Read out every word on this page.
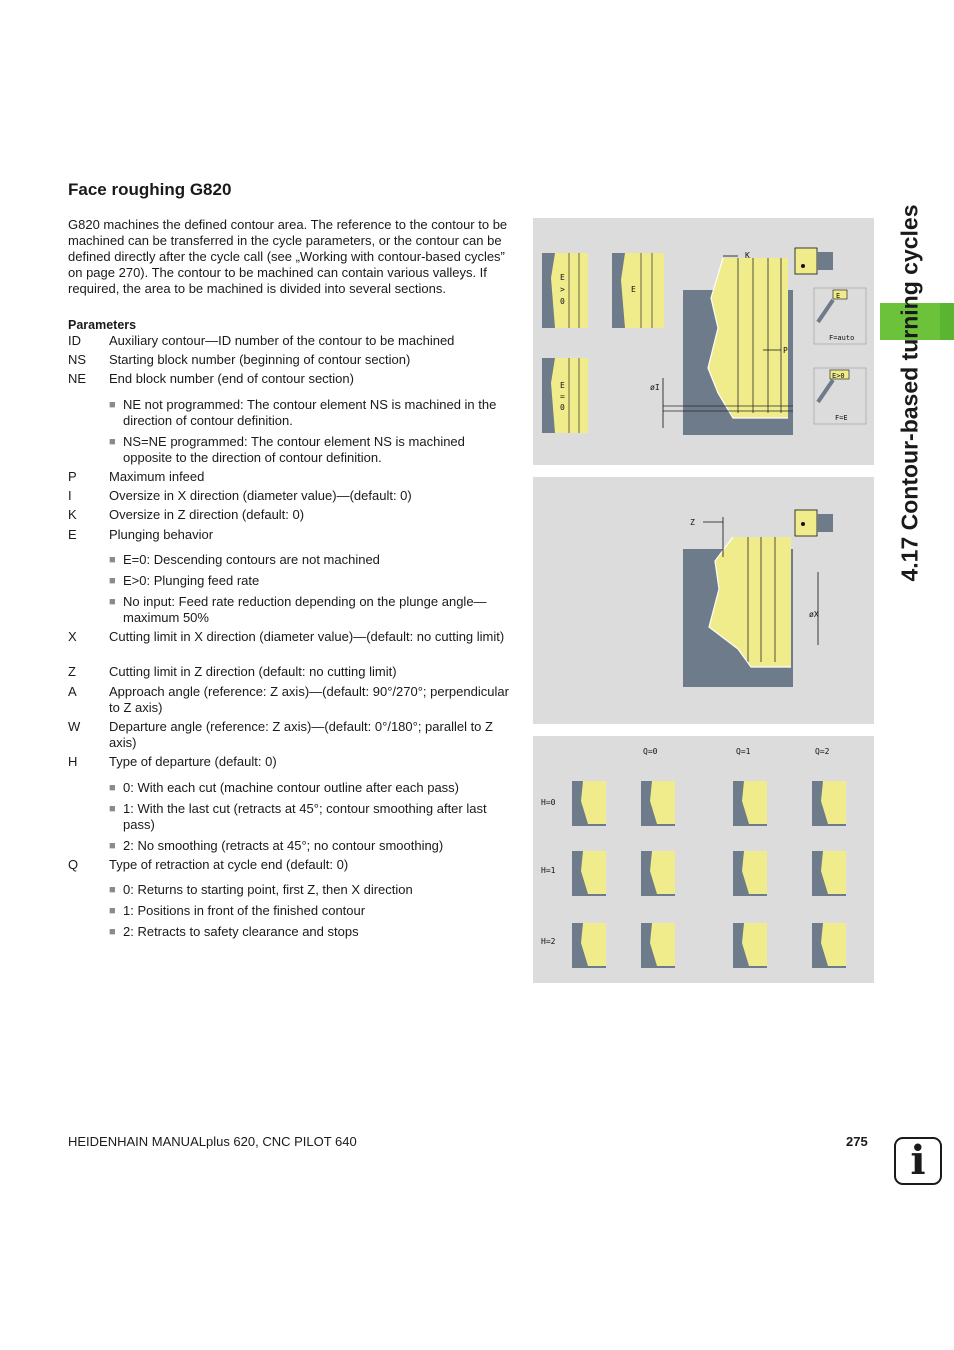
Face roughing G820
G820 machines the defined contour area. The reference to the contour to be machined can be transferred in the cycle parameters, or the contour can be defined directly after the cycle call (see „Working with contour-based cycles” on page 270). The contour to be machined can contain various valleys. If required, the area to be machined is divided into several sections.
Parameters
ID	Auxiliary contour—ID number of the contour to be machined
NS	Starting block number (beginning of contour section)
NE	End block number (end of contour section)
■ NE not programmed: The contour element NS is machined in the direction of contour definition.
■ NS=NE programmed: The contour element NS is machined opposite to the direction of contour definition.
P	Maximum infeed
I	Oversize in X direction (diameter value)—(default: 0)
K	Oversize in Z direction (default: 0)
E	Plunging behavior
■ E=0: Descending contours are not machined
■ E>0: Plunging feed rate
■ No input: Feed rate reduction depending on the plunge angle—maximum 50%
X	Cutting limit in X direction (diameter value)—(default: no cutting limit)
Z	Cutting limit in Z direction (default: no cutting limit)
A	Approach angle (reference: Z axis)—(default: 90°/270°; perpendicular to Z axis)
W	Departure angle (reference: Z axis)—(default: 0°/180°; parallel to Z axis)
H	Type of departure (default: 0)
■ 0: With each cut (machine contour outline after each pass)
■ 1: With the last cut (retracts at 45°; contour smoothing after last pass)
■ 2: No smoothing (retracts at 45°; no contour smoothing)
Q	Type of retraction at cycle end (default: 0)
■ 0: Returns to starting point, first Z, then X direction
■ 1: Positions in front of the finished contour
■ 2: Retracts to safety clearance and stops
E
>
0
E
E
=
0
K
P
øI
E
F=auto
E>0
F=E
Z
øX
Q=0	Q=1	Q=2
H=0
H=1
H=2
4.17 Contour-based turning cycles
HEIDENHAIN MANUALplus 620, CNC PILOT 640	275	i
